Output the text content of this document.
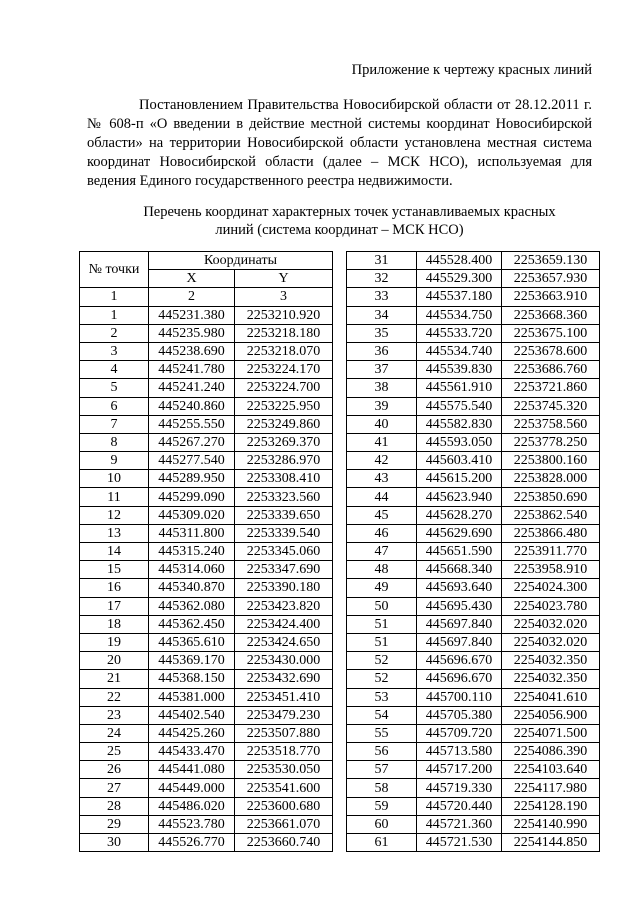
Приложение к чертежу красных линий

Постановлением Правительства Новосибирской области от 28.12.2011 г. № 608-п «О введении в действие местной системы координат Новосибирской области» на территории Новосибирской области установлена местная система координат Новосибирской области (далее – МСК НСО), используемая для ведения Единого государственного реестра недвижимости.

Перечень координат характерных точек устанавливаемых красных
линий (система координат – МСК НСО)

№ точки	Координаты	
	X	Y
1	2	3
1	445231.380	2253210.920
2	445235.980	2253218.180
3	445238.690	2253218.070
4	445241.780	2253224.170
5	445241.240	2253224.700
6	445240.860	2253225.950
7	445255.550	2253249.860
8	445267.270	2253269.370
9	445277.540	2253286.970
10	445289.950	2253308.410
11	445299.090	2253323.560
12	445309.020	2253339.650
13	445311.800	2253339.540
14	445315.240	2253345.060
15	445314.060	2253347.690
16	445340.870	2253390.180
17	445362.080	2253423.820
18	445362.450	2253424.400
19	445365.610	2253424.650
20	445369.170	2253430.000
21	445368.150	2253432.690
22	445381.000	2253451.410
23	445402.540	2253479.230
24	445425.260	2253507.880
25	445433.470	2253518.770
26	445441.080	2253530.050
27	445449.000	2253541.600
28	445486.020	2253600.680
29	445523.780	2253661.070
30	445526.770	2253660.740
31	445528.400	2253659.130
32	445529.300	2253657.930
33	445537.180	2253663.910
34	445534.750	2253668.360
35	445533.720	2253675.100
36	445534.740	2253678.600
37	445539.830	2253686.760
38	445561.910	2253721.860
39	445575.540	2253745.320
40	445582.830	2253758.560
41	445593.050	2253778.250
42	445603.410	2253800.160
43	445615.200	2253828.000
44	445623.940	2253850.690
45	445628.270	2253862.540
46	445629.690	2253866.480
47	445651.590	2253911.770
48	445668.340	2253958.910
49	445693.640	2254024.300
50	445695.430	2254023.780
51	445697.840	2254032.020
51	445697.840	2254032.020
52	445696.670	2254032.350
52	445696.670	2254032.350
53	445700.110	2254041.610
54	445705.380	2254056.900
55	445709.720	2254071.500
56	445713.580	2254086.390
57	445717.200	2254103.640
58	445719.330	2254117.980
59	445720.440	2254128.190
60	445721.360	2254140.990
61	445721.530	2254144.850
